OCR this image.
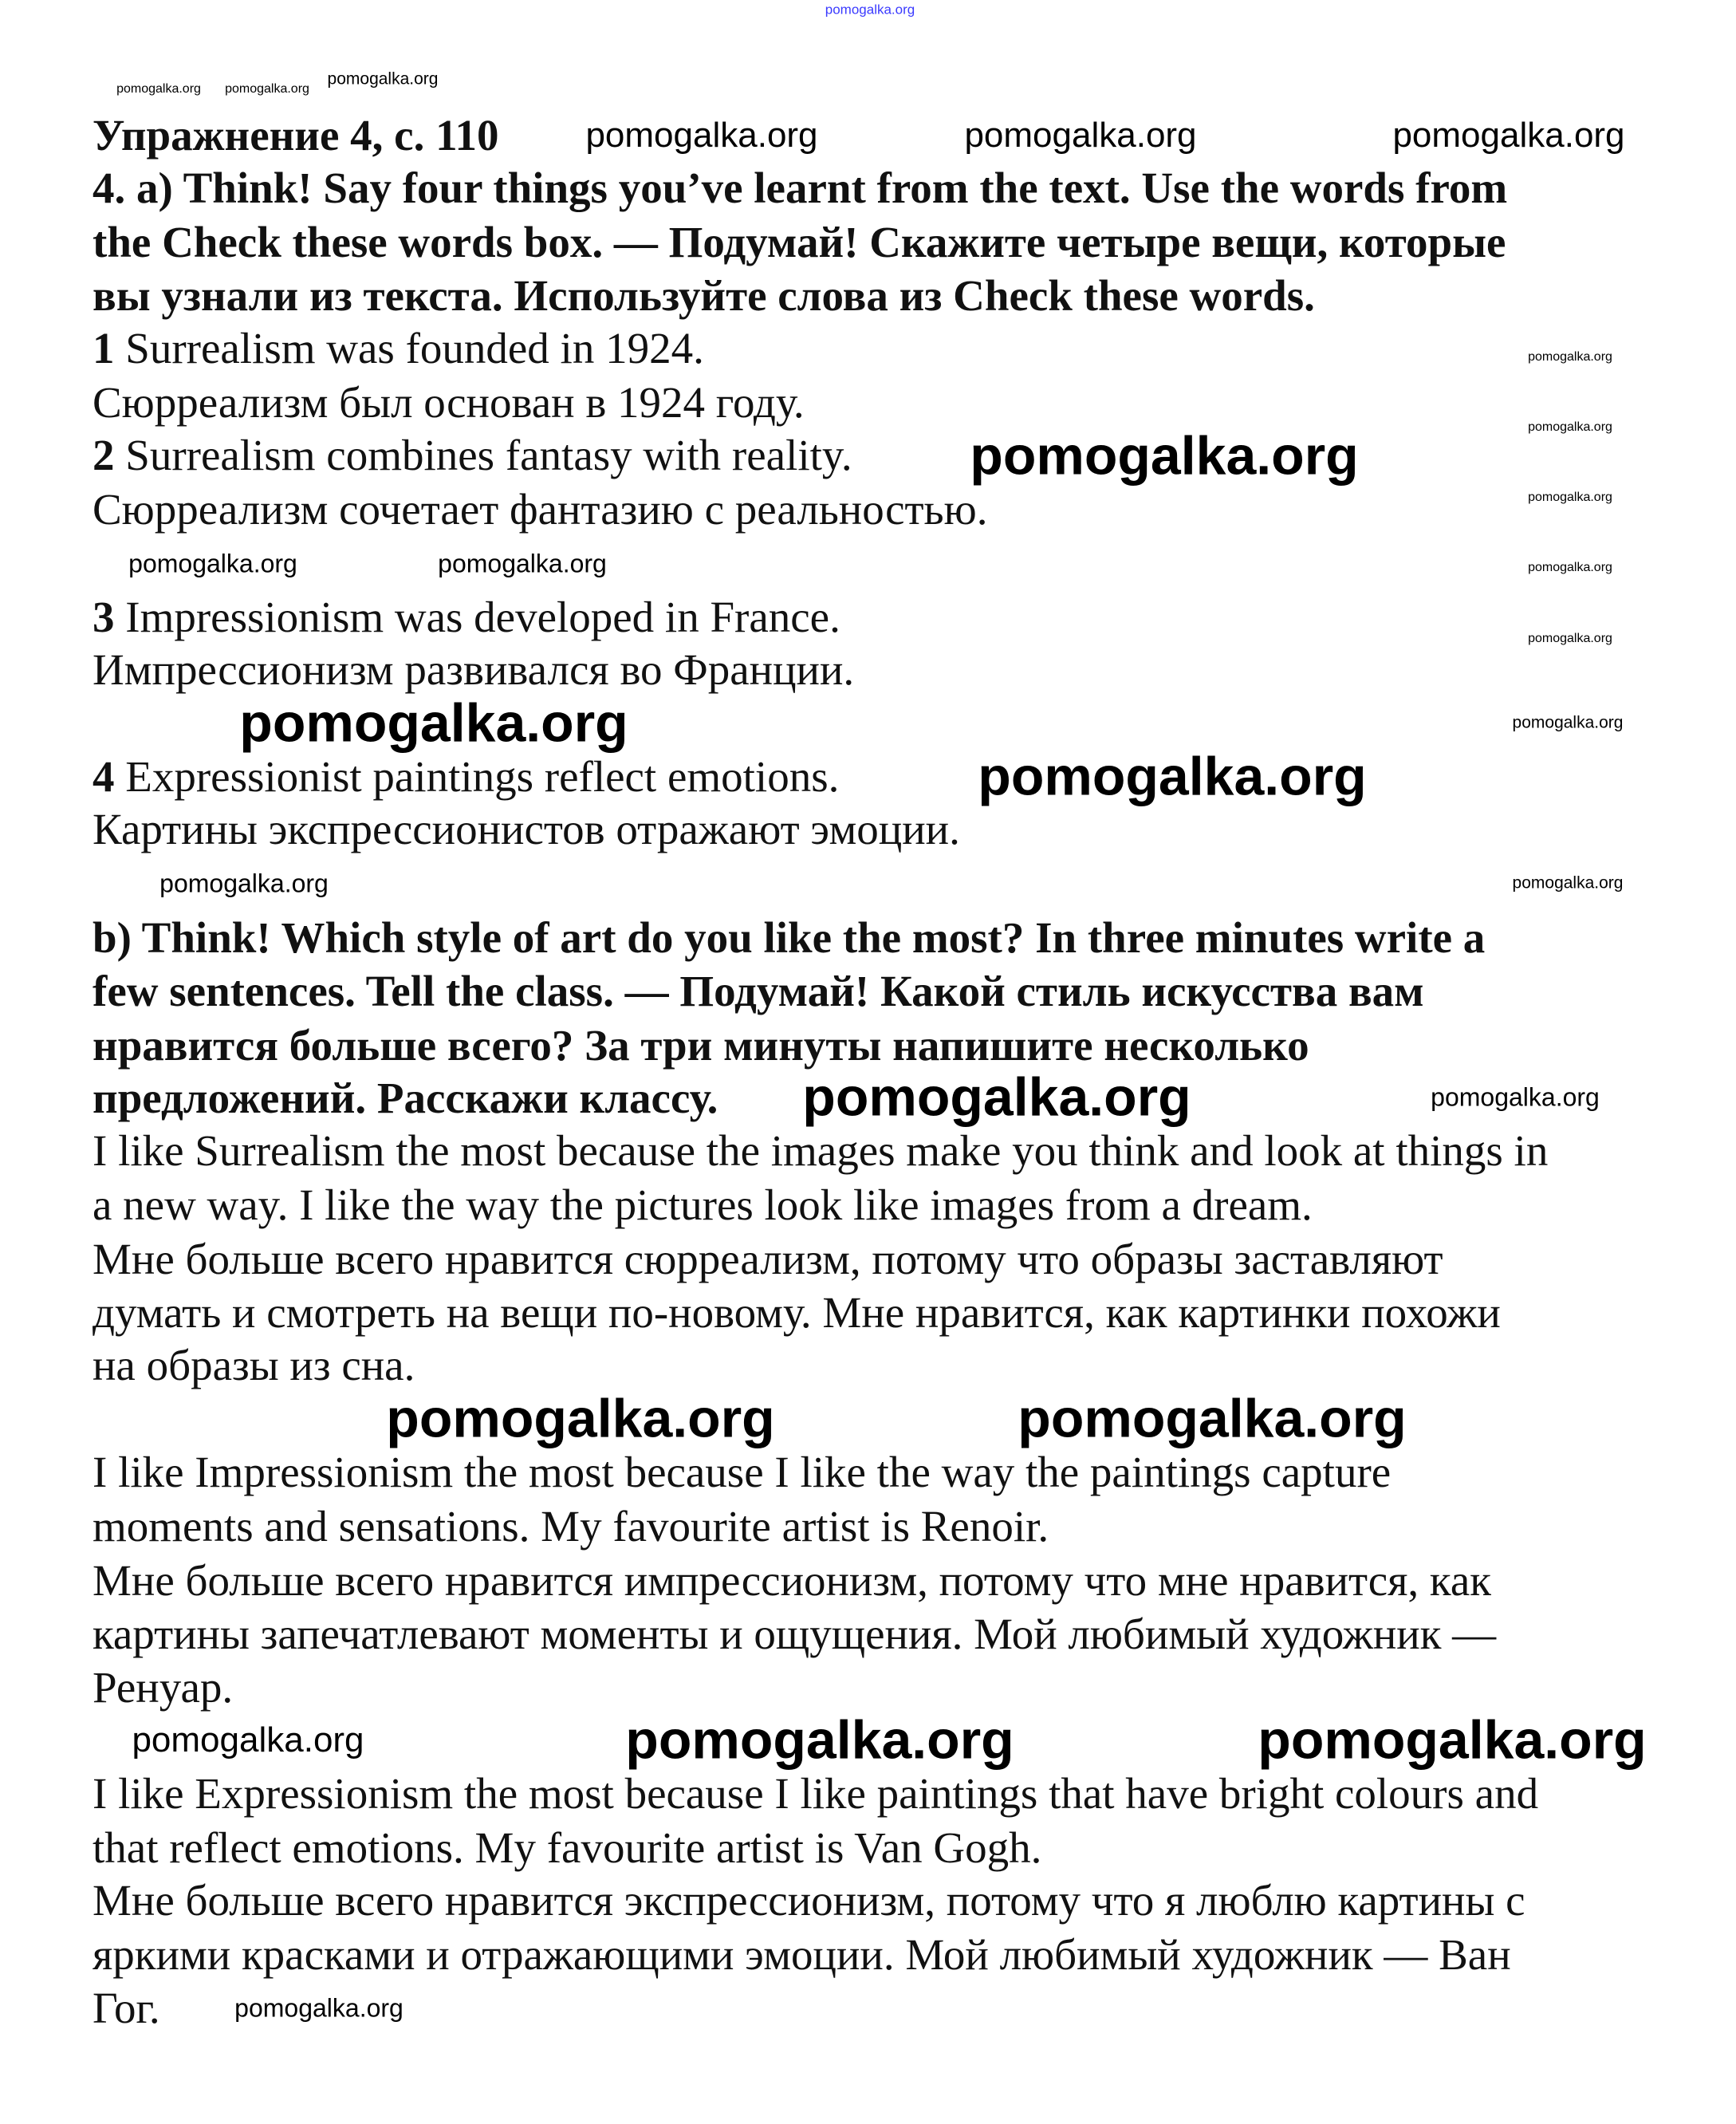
Упражнение 4, с. 110
4. a) Think! Say four things you’ve learnt from the text. Use the words from
the Check these words box. — Подумай! Скажите четыре вещи, которые
вы узнали из текста. Используйте слова из Check these words.
1 Surrealism was founded in 1924.
Сюрреализм был основан в 1924 году.
2 Surrealism combines fantasy with reality.
Сюрреализм сочетает фантазию с реальностью.
3 Impressionism was developed in France.
Импрессионизм развивался во Франции.
4 Expressionist paintings reflect emotions.
Картины экспрессионистов отражают эмоции.
b) Think! Which style of art do you like the most? In three minutes write a
few sentences. Tell the class. — Подумай! Какой стиль искусства вам
нравится больше всего? За три минуты напишите несколько
предложений. Расскажи классу.
I like Surrealism the most because the images make you think and look at things in
a new way. I like the way the pictures look like images from a dream.
Мне больше всего нравится сюрреализм, потому что образы заставляют
думать и смотреть на вещи по-новому. Мне нравится, как картинки похожи
на образы из сна.
I like Impressionism the most because I like the way the paintings capture
moments and sensations. My favourite artist is Renoir.
Мне больше всего нравится импрессионизм, потому что мне нравится, как
картины запечатлевают моменты и ощущения. Мой любимый художник —
Ренуар.
I like Expressionism the most because I like paintings that have bright colours and
that reflect emotions. My favourite artist is Van Gogh.
Мне больше всего нравится экспрессионизм, потому что я люблю картины с
яркими красками и отражающими эмоции. Мой любимый художник — Ван
Гог.
pomogalka.org
pomogalka.org pomogalka.org
pomogalka.org
pomogalka.org	pomogalka.org	pomogalka.org
pomogalka.org	pomogalka.org
pomogalka.org
pomogalka.org
pomogalka.org
pomogalka.org
pomogalka.org
pomogalka.org
pomogalka.org
pomogalka.org
pomogalka.org
pomogalka.org
pomogalka.org
pomogalka.org	pomogalka.org
pomogalka.org	pomogalka.org
pomogalka.org	pomogalka.org	pomogalka.org
pomogalka.org
